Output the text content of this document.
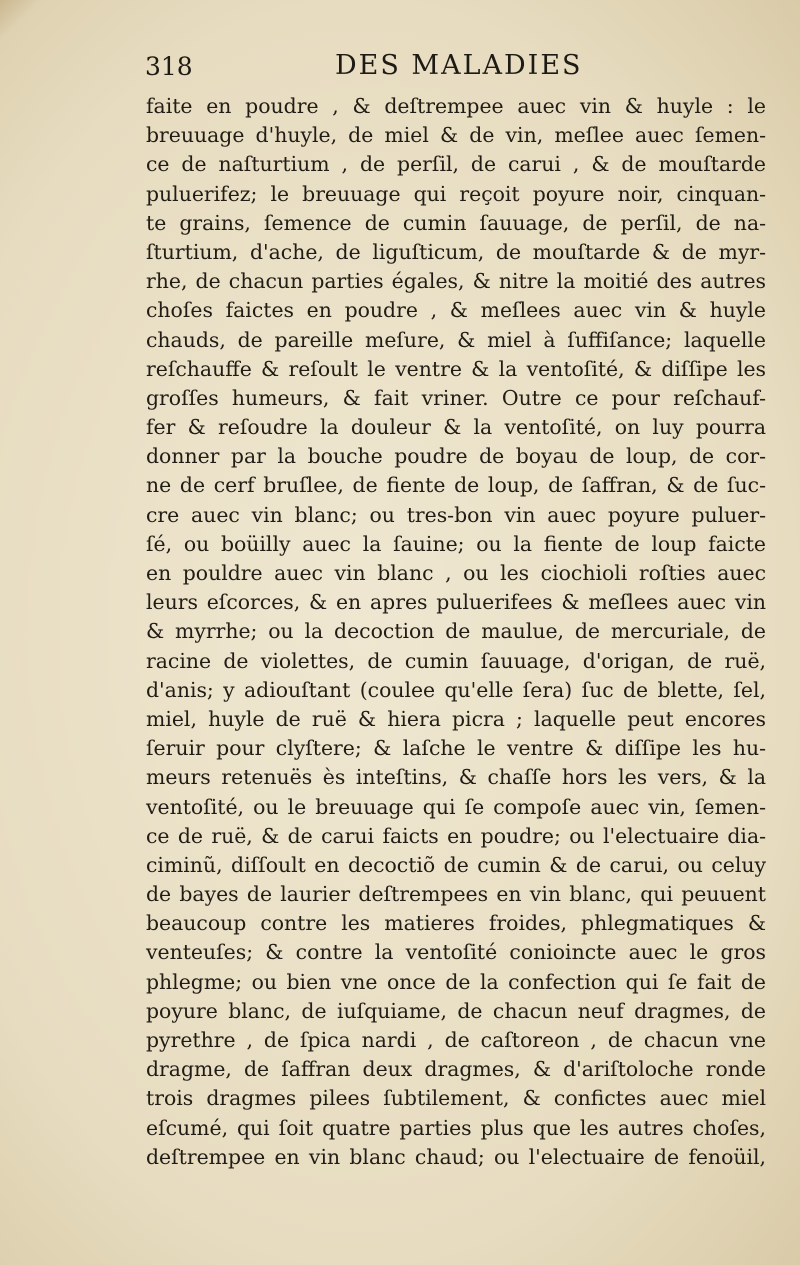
318	DES MALADIES
faite en poudre , & deſtrempee auec vin & huyle : le
breuuage d'huyle, de miel & de vin, meſlee auec ſemen-
ce de naſturtium , de perſil, de carui , & de mouſtarde
puluerifez; le breuuage qui reçoit poyure noir, cinquan-
te grains, ſemence de cumin ſauuage, de perſil, de na-
ſturtium, d'ache, de liguſticum, de mouſtarde & de myr-
rhe, de chacun parties égales, & nitre la moitié des autres
choſes faictes en poudre , & meſlees auec vin & huyle
chauds, de pareille meſure, & miel à ſuffiſance; laquelle
reſchauffe & reſoult le ventre & la ventoſité, & diſſipe les
groſſes humeurs, & fait vriner. Outre ce pour reſchauf-
fer & reſoudre la douleur & la ventoſité, on luy pourra
donner par la bouche poudre de boyau de loup, de cor-
ne de cerf bruſlee, de fiente de loup, de ſaffran, & de ſuc-
cre auec vin blanc; ou tres-bon vin auec poyure puluer-
ſé, ou boüilly auec la ſauine; ou la fiente de loup faicte
en pouldre auec vin blanc , ou les ciochioli roſties auec
leurs eſcorces, & en apres puluerifees & meſlees auec vin
& myrrhe; ou la decoction de maulue, de mercuriale, de
racine de violettes, de cumin ſauuage, d'origan, de ruë,
d'anis; y adiouſtant (coulee qu'elle ſera) ſuc de blette, ſel,
miel, huyle de ruë & hiera picra ; laquelle peut encores
ſeruir pour clyſtere; & laſche le ventre & diſſipe les hu-
meurs retenuës ès inteſtins, & chaſſe hors les vers, & la
ventoſité, ou le breuuage qui ſe compoſe auec vin, ſemen-
ce de ruë, & de carui faicts en poudre; ou l'electuaire dia-
ciminũ, diſſoult en decoctiõ de cumin & de carui, ou celuy
de bayes de laurier deſtrempees en vin blanc, qui peuuent
beaucoup contre les matieres froides, phlegmatiques &
venteuſes; & contre la ventoſité conioincte auec le gros
phlegme; ou bien vne once de la confection qui ſe fait de
poyure blanc, de iuſquiame, de chacun neuf dragmes, de
pyrethre , de ſpica nardi , de caſtoreon , de chacun vne
dragme, de ſaffran deux dragmes, & d'ariſtoloche ronde
trois dragmes pilees ſubtilement, & confictes auec miel
eſcumé, qui ſoit quatre parties plus que les autres choſes,
deſtrempee en vin blanc chaud; ou l'electuaire de fenoüil,
